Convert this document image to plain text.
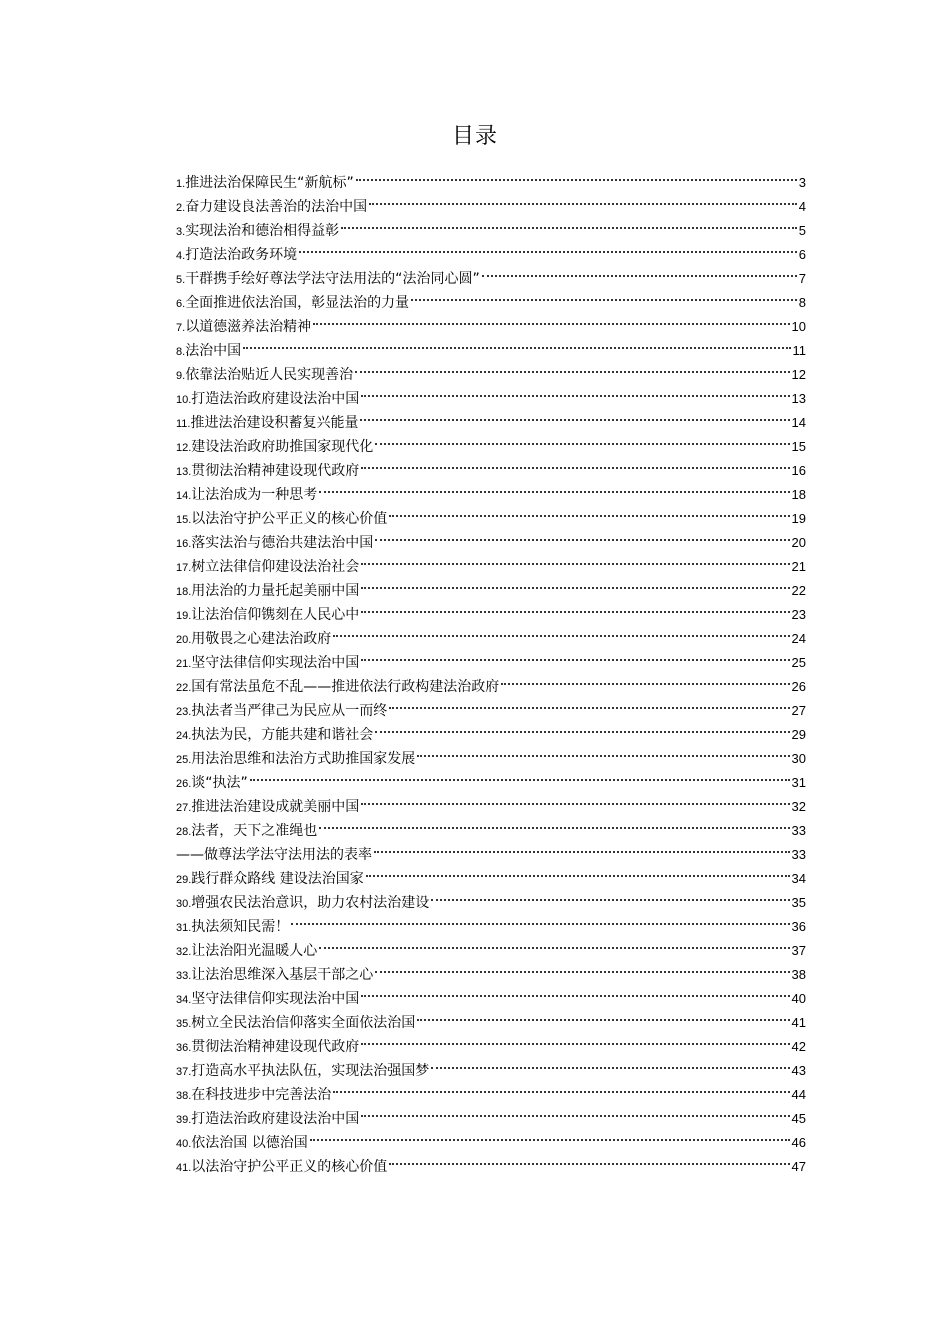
目录
1. 推进法治保障民生“新航标”	3
2. 奋力建设良法善治的法治中国	4
3. 实现法治和德治相得益彰	5
4. 打造法治政务环境	6
5. 干群携手绘好尊法学法守法用法的“法治同心圆”	7
6. 全面推进依法治国，彰显法治的力量	8
7. 以道德滋养法治精神	10
8. 法治中国	11
9. 依靠法治贴近人民实现善治	12
10. 打造法治政府建设法治中国	13
11. 推进法治建设积蓄复兴能量	14
12. 建设法治政府助推国家现代化	15
13. 贯彻法治精神建设现代政府	16
14. 让法治成为一种思考	18
15. 以法治守护公平正义的核心价值	19
16. 落实法治与德治共建法治中国	20
17. 树立法律信仰建设法治社会	21
18. 用法治的力量托起美丽中国	22
19. 让法治信仰镌刻在人民心中	23
20. 用敬畏之心建法治政府	24
21. 坚守法律信仰实现法治中国	25
22. 国有常法虽危不乱——推进依法行政构建法治政府	26
23. 执法者当严律己为民应从一而终	27
24. 执法为民，方能共建和谐社会	29
25. 用法治思维和法治方式助推国家发展	30
26. 谈“执法”	31
27. 推进法治建设成就美丽中国	32
28. 法者，天下之准绳也	33
——做尊法学法守法用法的表率	33
29. 践行群众路线 建设法治国家	34
30. 增强农民法治意识，助力农村法治建设	35
31. 执法须知民需！	36
32. 让法治阳光温暖人心	37
33. 让法治思维深入基层干部之心	38
34. 坚守法律信仰实现法治中国	40
35. 树立全民法治信仰落实全面依法治国	41
36. 贯彻法治精神建设现代政府	42
37. 打造高水平执法队伍，实现法治强国梦	43
38. 在科技进步中完善法治	44
39. 打造法治政府建设法治中国	45
40. 依法治国 以德治国	46
41. 以法治守护公平正义的核心价值	47
